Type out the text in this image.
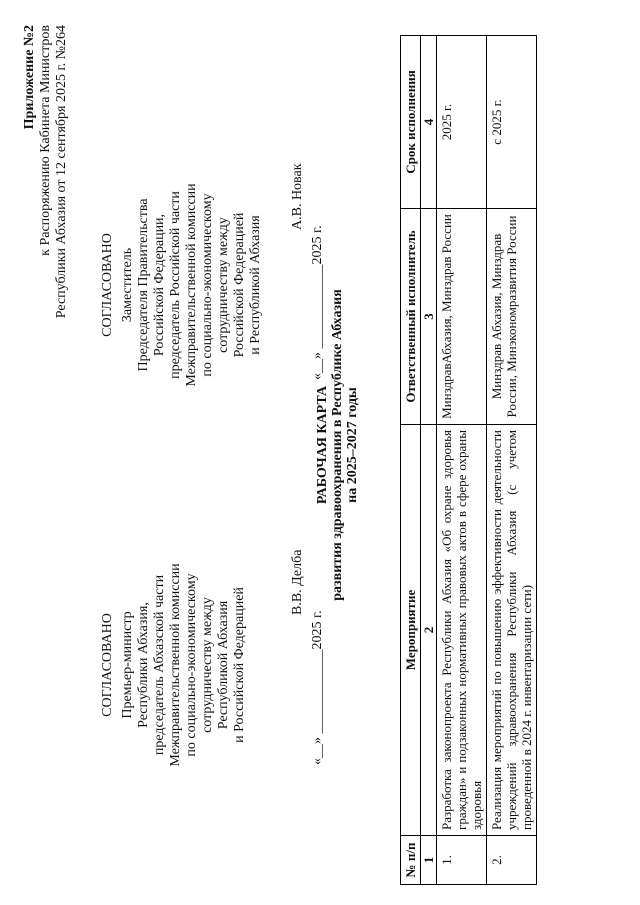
Приложение №2 к Распоряжению Кабинета Министров Республики Абхазия от 12 сентября 2025 г. №264
СОГЛАСОВАНО Премьер-министр Республики Абхазия, председатель Абхазской части Межправительственной комиссии по социально-экономическому сотрудничеству между Республикой Абхазия и Российской Федерацией
В.В. Делба
«__» ____________2025 г.
СОГЛАСОВАНО Заместитель Председателя Правительства Российской Федерации, председатель Российской части Межправительственной комиссии по социально-экономическому сотрудничеству между Российской Федерацией и Республикой Абхазия
А.В. Новак
«__» ____________2025 г.
РАБОЧАЯ КАРТА развития здравоохранения в Республике Абхазия на 2025–2027 годы
№ п/п	Мероприятие	Ответственный исполнитель	Срок исполнения
1	2	3	4
1.	Разработка законопроекта Республики Абхазия «Об охране здоровья граждан» и подзаконных нормативных правовых актов в сфере охраны здоровья	МинздравАбхазия, Минздрав России	2025 г.
2.	Реализация мероприятий по повышению эффективности деятельности учреждений здравоохранения Республики Абхазия (с учетом проведенной в 2024 г. инвентаризации сети)	Минздрав Абхазия, Минздрав России, Минэкономразвития России	с 2025 г.
